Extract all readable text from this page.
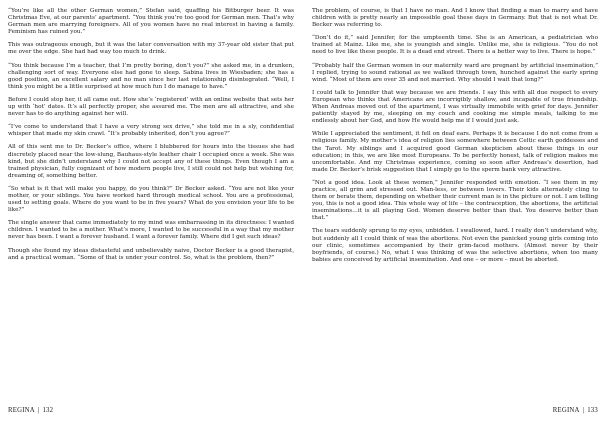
“You’re like all the other German women,” Stefan said, quaffing his Bitburger beer. It was Christmas Eve, at our parents’ apartment. “You think you’re too good for German men. That’s why German men are marrying foreigners. All of you women have no real interest in having a family. Feminism has ruined you.”

This was outrageous enough, but it was the later conversation with my 37-year old sister that put me over the edge. She had had way too much to drink.

“You think because I’m a teacher, that I’m pretty boring, don’t you?” she asked me, in a drunken, challenging sort of way. Everyone else had gone to sleep. Sabina lives in Wiesbaden; she has a good position, an excellent salary and no man since her last relationship disintegrated. “Well, I think you might be a little surprised at how much fun I do manage to have.”

Before I could stop her, it all came out. How she’s ‘registered’ with an online website that sets her up with ‘hot’ dates. It’s all perfectly proper, she assured me. The men are all attractive, and she never has to do anything against her will.

“I’ve come to understand that I have a very strong sex drive,” she told me in a sly, confidential whisper that made my skin crawl. “It’s probably inherited, don’t you agree?”

All of this sent me to Dr. Becker’s office, where I blubbered for hours into the tissues she had discretely placed near the low-slung, Bauhaus-style leather chair I occupied once a week. She was kind, but she didn’t understand why I could not accept any of these things. Even though I am a trained physician, fully cognizant of how modern people live, I still could not help but wishing for, dreaming of, something better.

“So what is it that will make you happy, do you think?” Dr Becker asked. “You are not like your mother, or your siblings. You have worked hard through medical school. You are a professional, used to setting goals. Where do you want to be in five years? What do you envision your life to be like?”

The single answer that came immediately to my mind was embarrassing in its directness: I wanted children. I wanted to be a mother. What’s more, I wanted to be successful in a way that my mother never has been. I want a forever husband. I want a forever family. Where did I get such ideas?

Though she found my ideas distasteful and unbelievably naive, Doctor Becker is a good therapist, and a practical woman. “Some of that is under your control. So, what is the problem, then?”

REGINA | 132

The problem, of course, is that I have no man. And I know that finding a man to marry and have children with is pretty nearly an impossible goal these days in Germany. But that is not what Dr. Becker was referring to.

“Don’t do it,” said Jennifer, for the umpteenth time. She is an American, a pediatrician who trained at Mainz. Like me, she is youngish and single. Unlike me, she is religious. “You do not need to live like these people. It is a dead end street. There is a better way to live. There is hope.”

“Probably half the German women in our maternity ward are pregnant by artificial insemination,” I replied, trying to sound rational as we walked through town, hunched against the early spring wind. “Most of them are over 35 and not married. Why should I wait that long?”

I could talk to Jennifer that way because we are friends. I say this with all due respect to every European who thinks that Americans are incorrigibly shallow, and incapable of true friendship. When Andreas moved out of the apartment, I was virtually immobile with grief for days. Jennifer patiently stayed by me, sleeping on my couch and cooking me simple meals, talking to me endlessly about her God, and how He would help me if I would just ask.

While I appreciated the sentiment, it fell on deaf ears. Perhaps it is because I do not come from a religious family. My mother’s idea of religion lies somewhere between Celtic earth goddesses and the Tarot. My siblings and I acquired good German skepticism about these things in our education; in this, we are like most Europeans. To be perfectly honest, talk of religion makes me uncomfortable. And my Christmas experience, coming so soon after Andreas’s desertion, had made Dr. Becker’s brisk suggestion that I simply go to the sperm bank very attractive.

“Not a good idea. Look at these women,” Jennifer responded with emotion. “I see them in my practice, all grim and stressed out. Man-less, or between lovers. Their kids alternately cling to them or berate them, depending on whether their current man is in the picture or not. I am telling you, this is not a good idea. This whole way of life – the contraception, the abortions, the artificial inseminations…it is all playing God. Women deserve better than that. You deserve better than that.”

The tears suddenly sprung to my eyes, unbidden. I swallowed, hard. I really don’t understand why, but suddenly all I could think of was the abortions. Not even the panicked young girls coming into our clinic, sometimes accompanied by their grim-faced mothers. (Almost never by their boyfriends, of course.) No, what I was thinking of was the selective abortions, when too many babies are conceived by artificial insemination. And one – or more – must be aborted.

REGINA | 133
